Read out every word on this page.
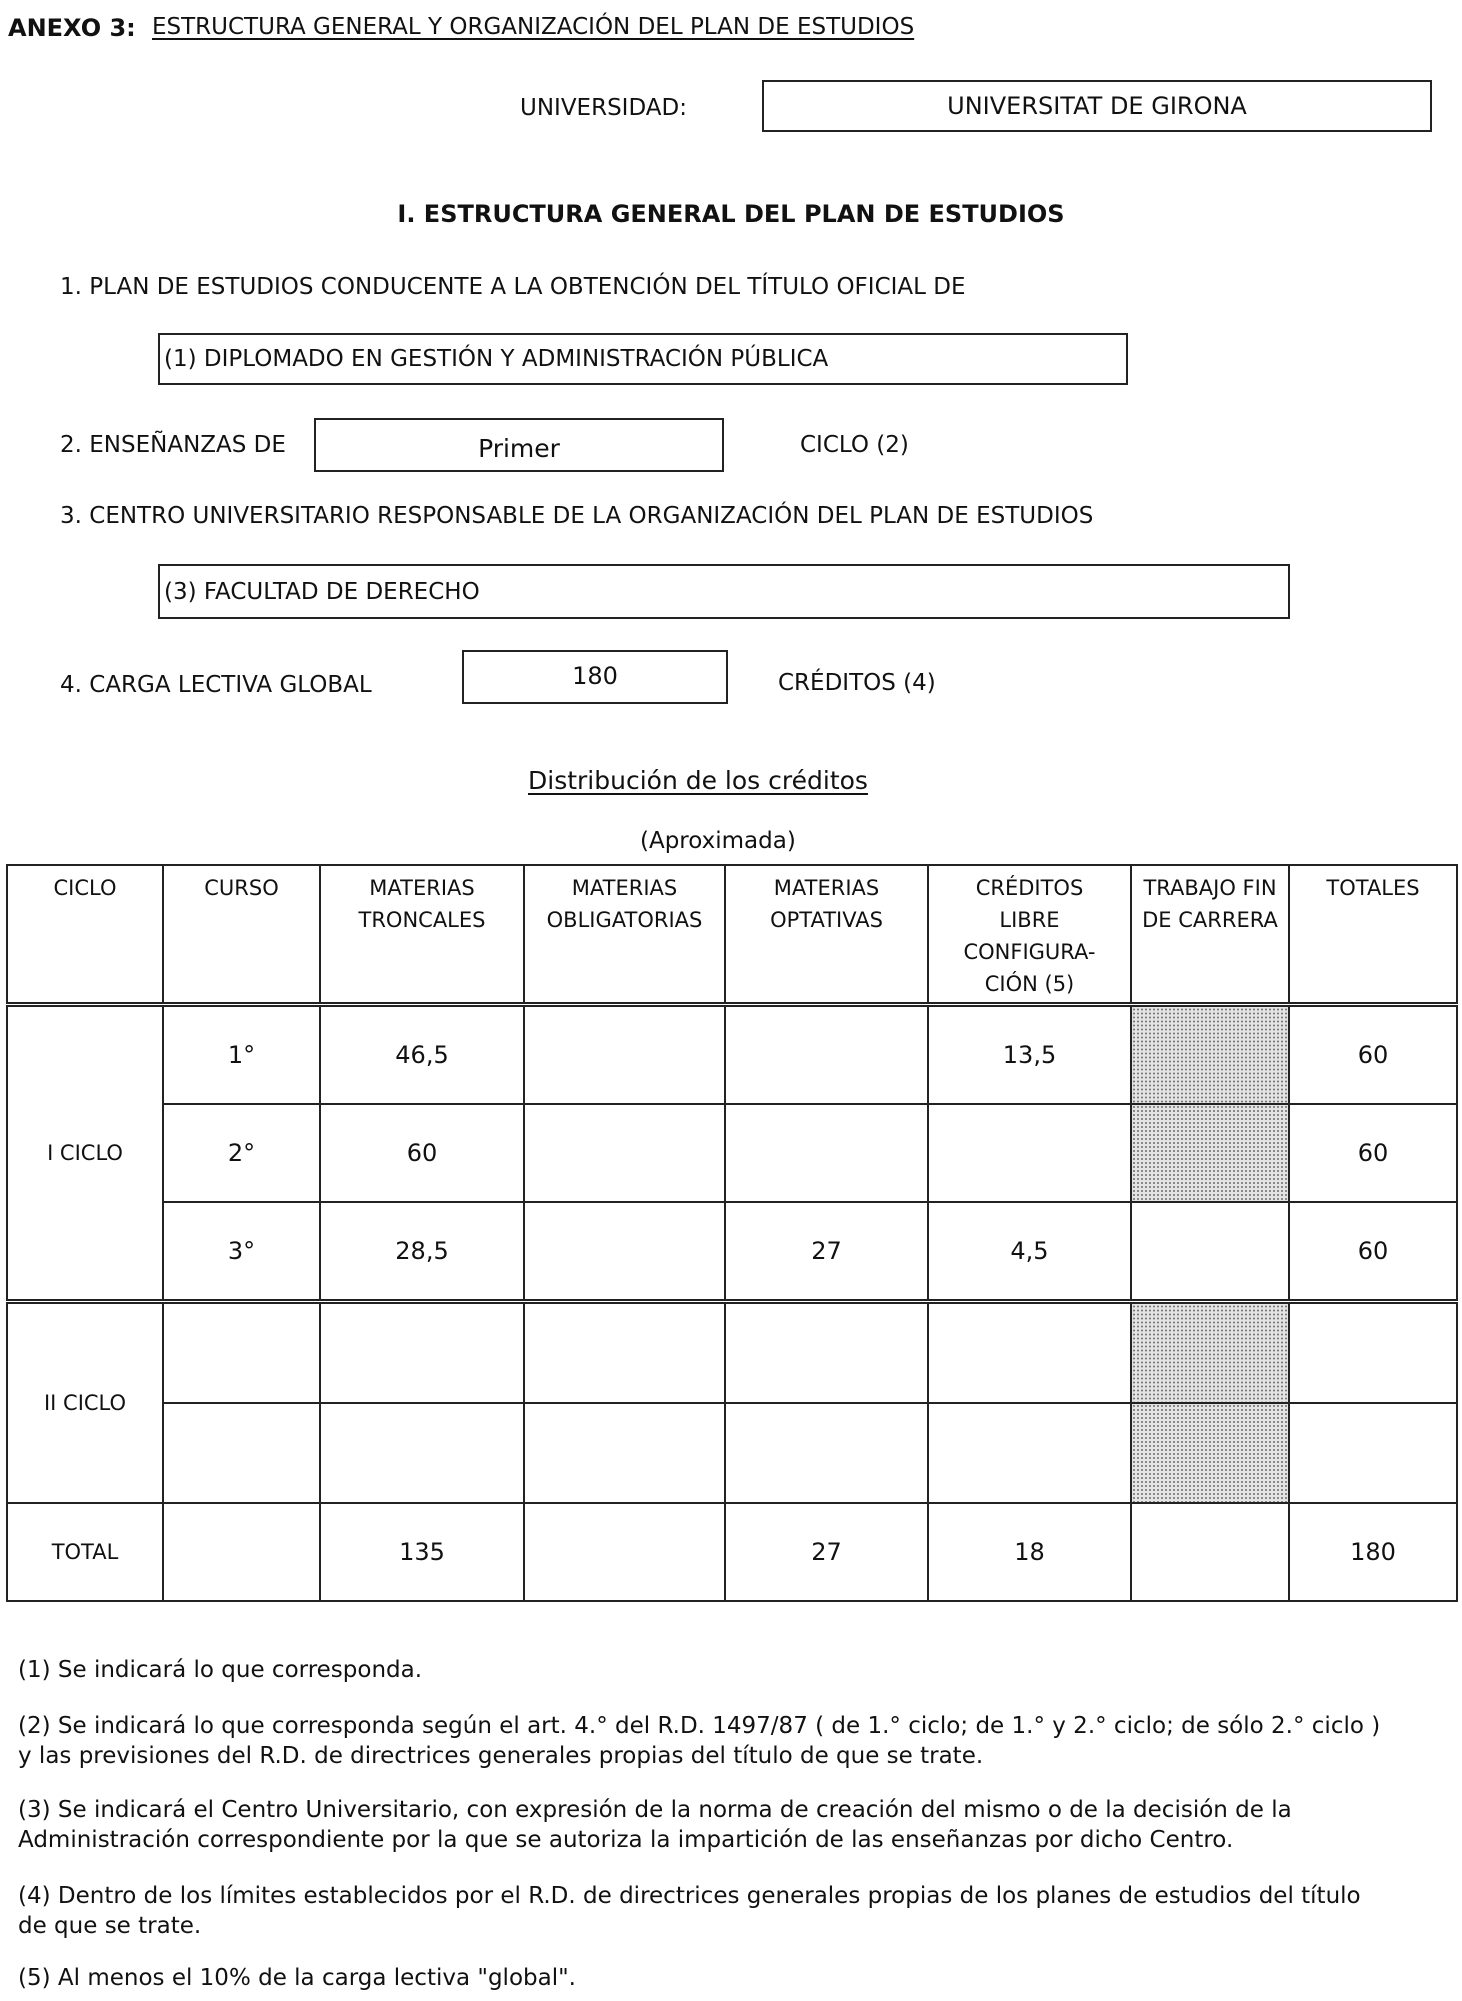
ANEXO 3: ESTRUCTURA GENERAL Y ORGANIZACIÓN DEL PLAN DE ESTUDIOS
UNIVERSIDAD:	UNIVERSITAT DE GIRONA
I. ESTRUCTURA GENERAL DEL PLAN DE ESTUDIOS
1. PLAN DE ESTUDIOS CONDUCENTE A LA OBTENCIÓN DEL TÍTULO OFICIAL DE
(1) DIPLOMADO EN GESTIÓN Y ADMINISTRACIÓN PÚBLICA
2. ENSEÑANZAS DE	Primer	CICLO (2)
3. CENTRO UNIVERSITARIO RESPONSABLE DE LA ORGANIZACIÓN DEL PLAN DE ESTUDIOS
(3) FACULTAD DE DERECHO
4. CARGA LECTIVA GLOBAL	180	CRÉDITOS (4)
Distribución de los créditos
(Aproximada)
CICLO	CURSO	MATERIAS TRONCALES	MATERIAS OBLIGATORIAS	MATERIAS OPTATIVAS	CRÉDITOS LIBRE CONFIGURA-CIÓN (5)	TRABAJO FIN DE CARRERA	TOTALES
I CICLO	1°	46,5			13,5		60
	2°	60					60
	3°	28,5		27	4,5		60
II CICLO							

TOTAL		135		27	18		180
(1) Se indicará lo que corresponda.
(2) Se indicará lo que corresponda según el art. 4.° del R.D. 1497/87 ( de 1.° ciclo; de 1.° y 2.° ciclo; de sólo 2.° ciclo )
y las previsiones del R.D. de directrices generales propias del título de que se trate.
(3) Se indicará el Centro Universitario, con expresión de la norma de creación del mismo o de la decisión de la
Administración correspondiente por la que se autoriza la impartición de las enseñanzas por dicho Centro.
(4) Dentro de los límites establecidos por el R.D. de directrices generales propias de los planes de estudios del título
de que se trate.
(5) Al menos el 10% de la carga lectiva "global".
